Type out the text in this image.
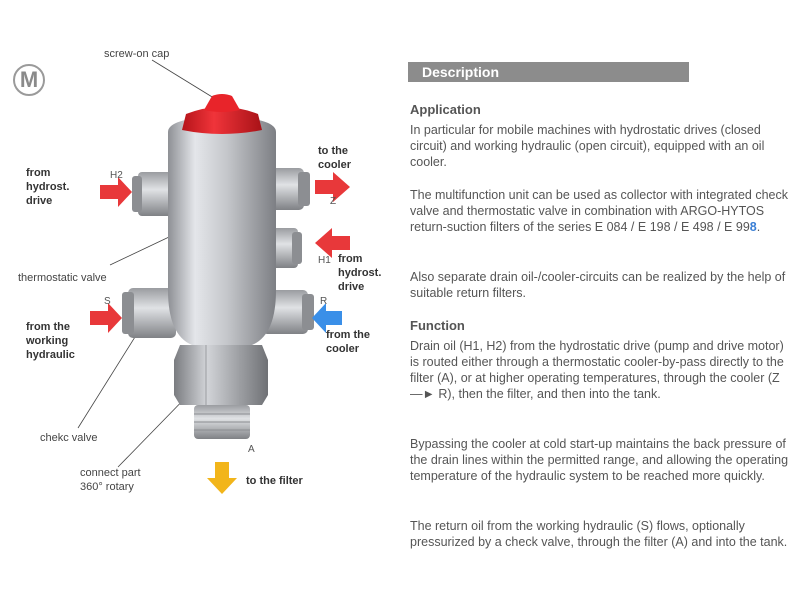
M
screw-on cap
thermostatic valve
chekc valve
connect part
360° rotary
from
hydrost.
drive
from the
working
hydraulic
to the
cooler
from
hydrost.
drive
from the
cooler
to the filter
H2
Z
H1
S	R
A
Description
Application
In particular for mobile machines with hydrostatic drives (closed circuit) and working hydraulic (open circuit), equipped with an oil cooler.
The multifunction unit can be used as collector with integrated check valve and thermostatic valve in combination with ARGO-HYTOS return-suction filters of the series E 084 / E 198 / E 498 / E 998.
Also separate drain oil-/cooler-circuits can be realized by the help of suitable return filters.
Function
Drain oil (H1, H2) from the hydrostatic drive (pump and drive motor) is routed either through a thermostatic cooler-by-pass directly to the filter (A), or at higher operating temperatures, through the cooler (Z —► R), then the filter, and then into the tank.
Bypassing the cooler at cold start-up maintains the back pressure of the drain lines within the permitted range, and allowing the operating temperature of the hydraulic system to be reached more quickly.
The return oil from the working hydraulic (S) flows, optionally pressurized by a check valve, through the filter (A) and into the tank.
